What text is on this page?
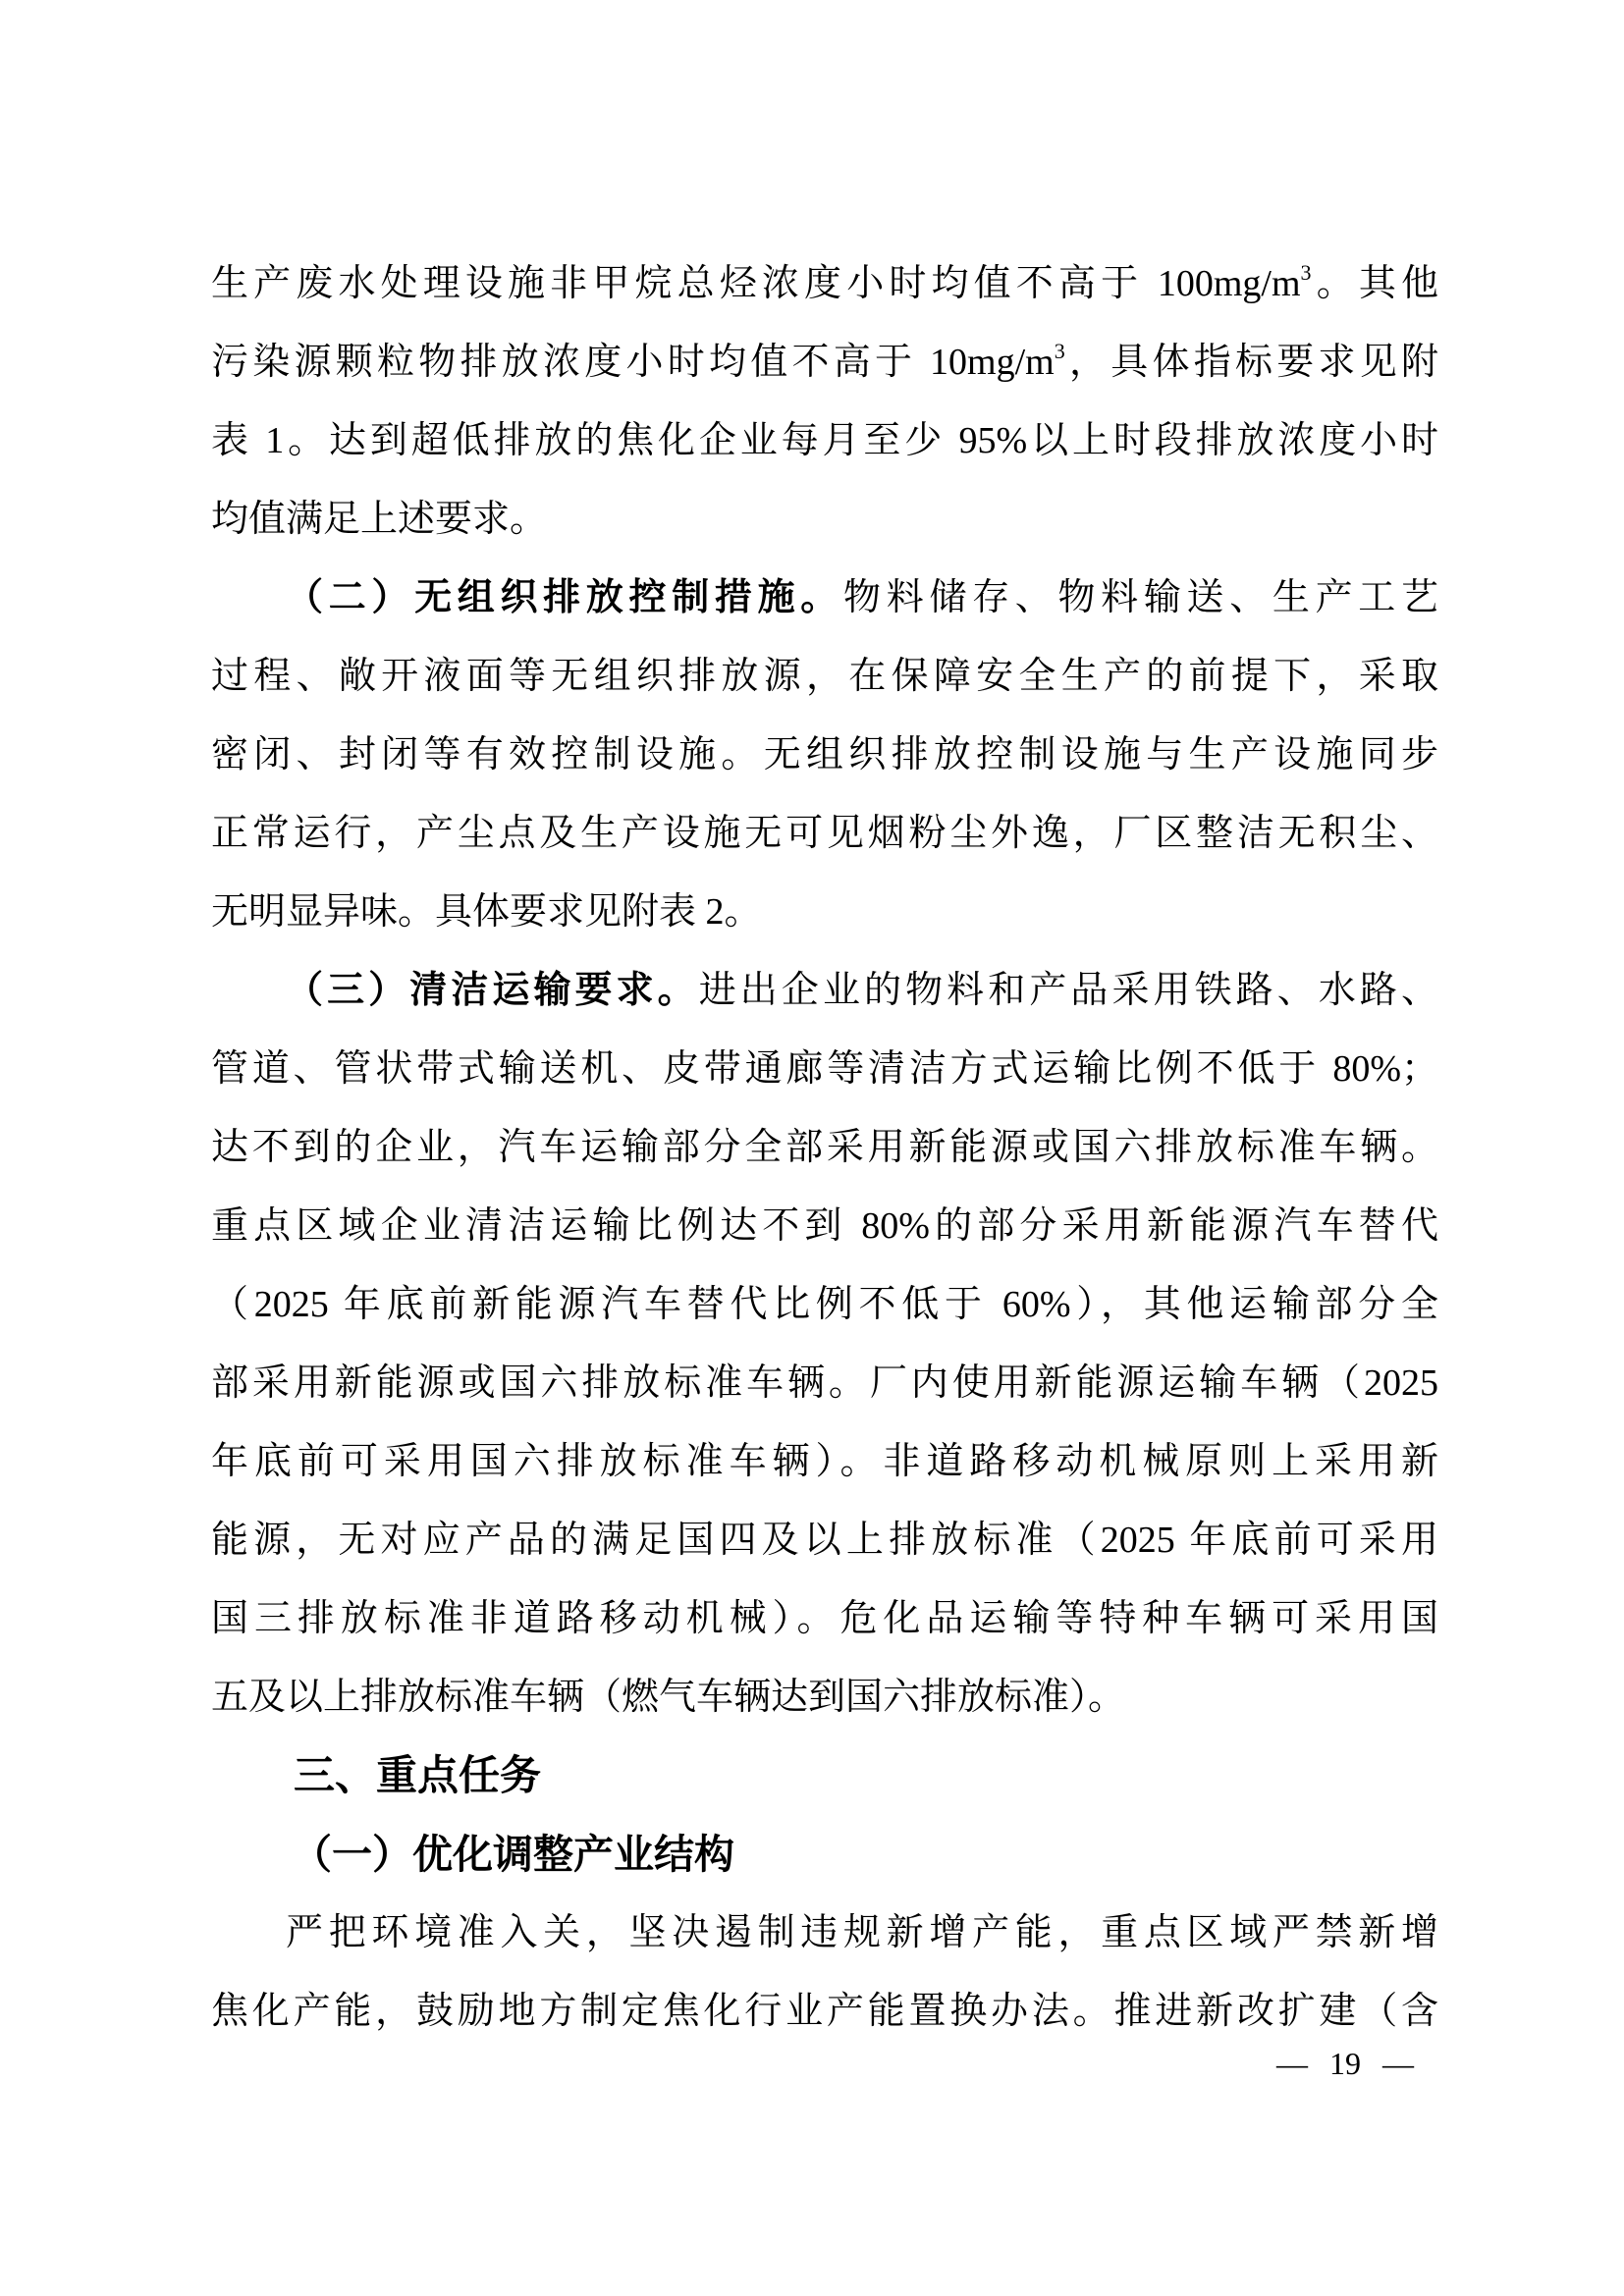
生产废水处理设施非甲烷总烃浓度小时均值不高于 $100mg/m^3$。其他
污染源颗粒物排放浓度小时均值不高于 $10mg/m^3$，具体指标要求见附
表 1。达到超低排放的焦化企业每月至少 95%以上时段排放浓度小时
均值满足上述要求。
（二）无组织排放控制措施。物料储存、物料输送、生产工艺
过程、敞开液面等无组织排放源，在保障安全生产的前提下，采取
密闭、封闭等有效控制设施。无组织排放控制设施与生产设施同步
正常运行，产尘点及生产设施无可见烟粉尘外逸，厂区整洁无积尘、
无明显异味。具体要求见附表 2。
（三）清洁运输要求。进出企业的物料和产品采用铁路、水路、
管道、管状带式输送机、皮带通廊等清洁方式运输比例不低于 80%；
达不到的企业，汽车运输部分全部采用新能源或国六排放标准车辆。
重点区域企业清洁运输比例达不到 80%的部分采用新能源汽车替代
（2025 年底前新能源汽车替代比例不低于 60%），其他运输部分全
部采用新能源或国六排放标准车辆。厂内使用新能源运输车辆（2025
年底前可采用国六排放标准车辆）。非道路移动机械原则上采用新
能源，无对应产品的满足国四及以上排放标准（2025 年底前可采用
国三排放标准非道路移动机械）。危化品运输等特种车辆可采用国
五及以上排放标准车辆（燃气车辆达到国六排放标准）。
三、重点任务
（一）优化调整产业结构
严把环境准入关，坚决遏制违规新增产能，重点区域严禁新增
焦化产能，鼓励地方制定焦化行业产能置换办法。推进新改扩建（含
— 19 —
